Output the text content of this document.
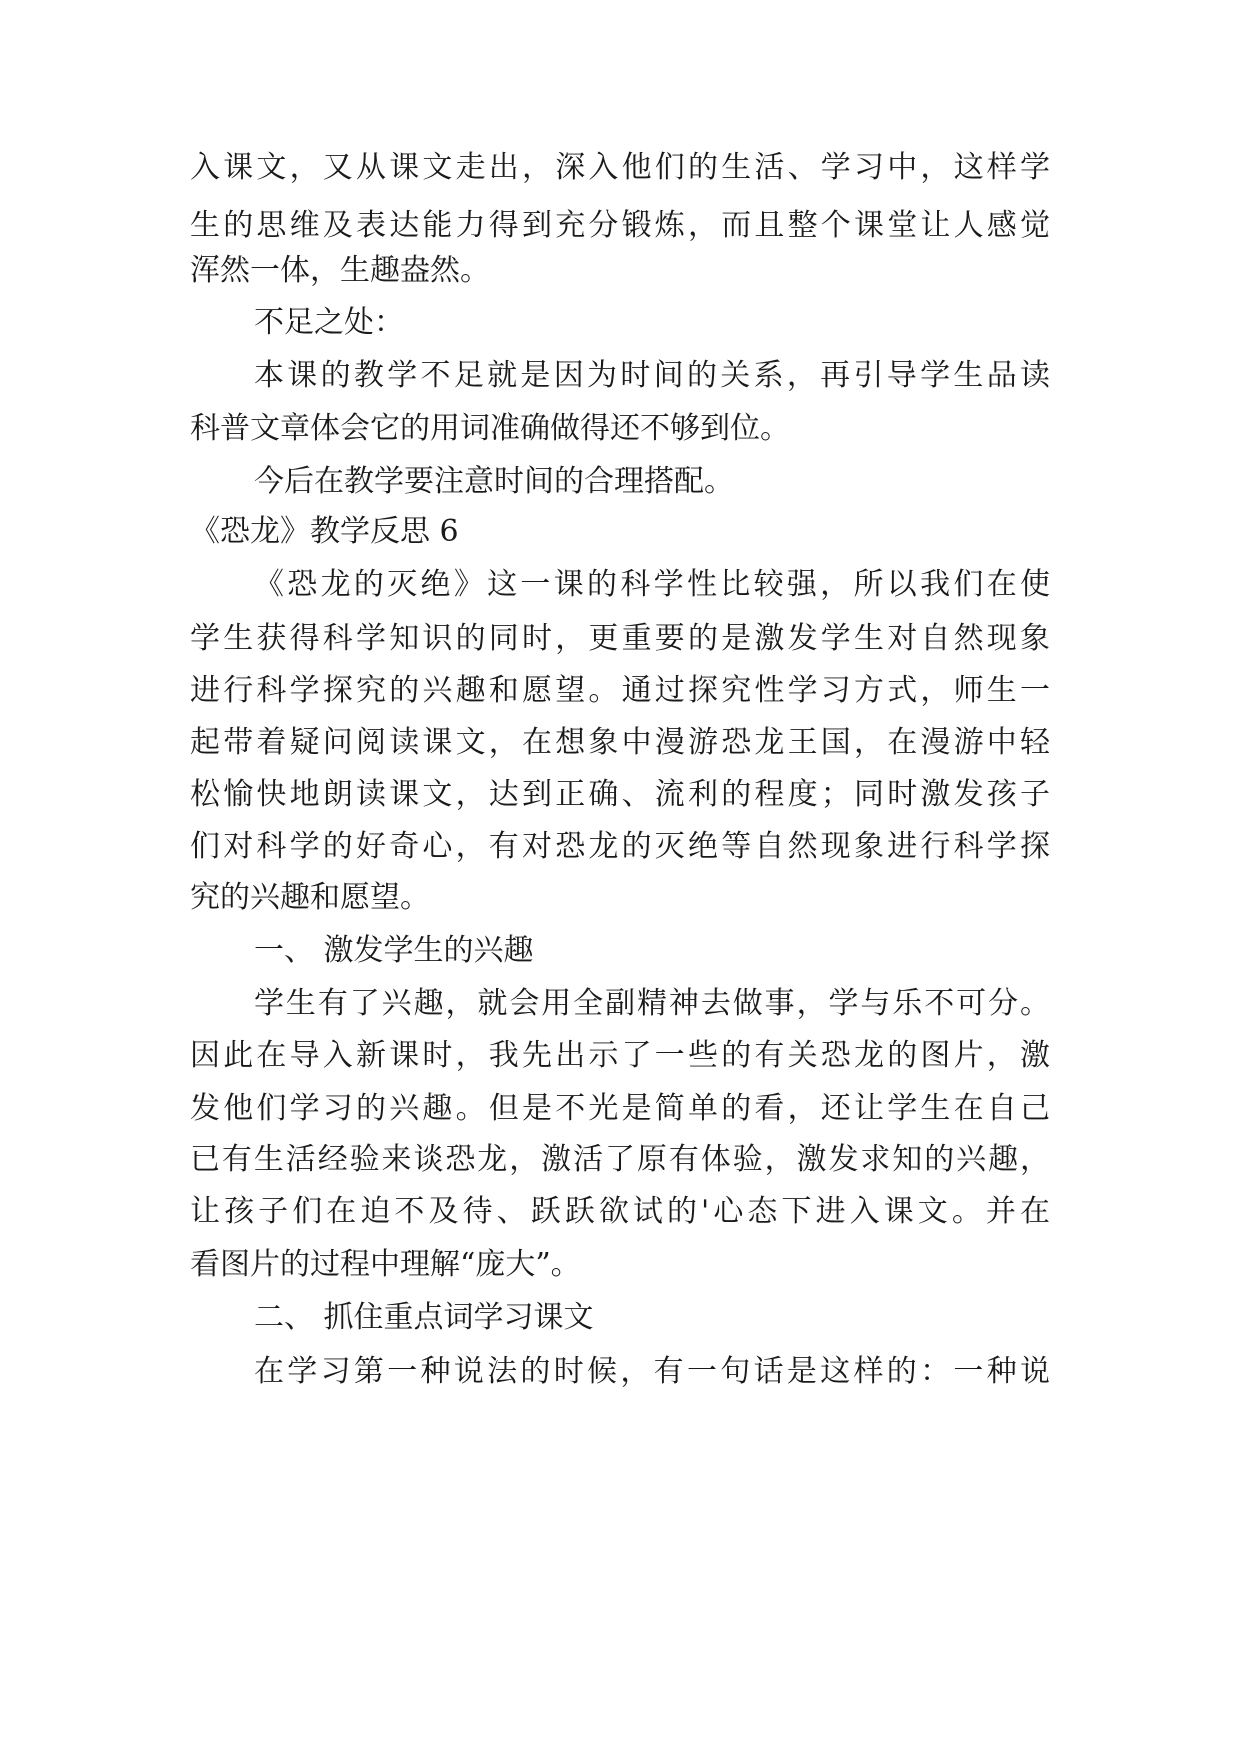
入课文，又从课文走出，深入他们的生活、学习中，这样学
生的思维及表达能力得到充分锻炼，而且整个课堂让人感觉
浑然一体，生趣盎然。
不足之处：
本课的教学不足就是因为时间的关系，再引导学生品读
科普文章体会它的用词准确做得还不够到位。
今后在教学要注意时间的合理搭配。
《恐龙》教学反思 6
《恐龙的灭绝》这一课的科学性比较强，所以我们在使
学生获得科学知识的同时，更重要的是激发学生对自然现象
进行科学探究的兴趣和愿望。通过探究性学习方式，师生一
起带着疑问阅读课文，在想象中漫游恐龙王国，在漫游中轻
松愉快地朗读课文，达到正确、流利的程度；同时激发孩子
们对科学的好奇心，有对恐龙的灭绝等自然现象进行科学探
究的兴趣和愿望。
一、 激发学生的兴趣
学生有了兴趣，就会用全副精神去做事，学与乐不可分。
因此在导入新课时，我先出示了一些的有关恐龙的图片，激
发他们学习的兴趣。但是不光是简单的看，还让学生在自己
已有生活经验来谈恐龙，激活了原有体验，激发求知的兴趣，
让孩子们在迫不及待、跃跃欲试的'心态下进入课文。并在
看图片的过程中理解“庞大”。
二、 抓住重点词学习课文
在学习第一种说法的时候，有一句话是这样的：一种说
